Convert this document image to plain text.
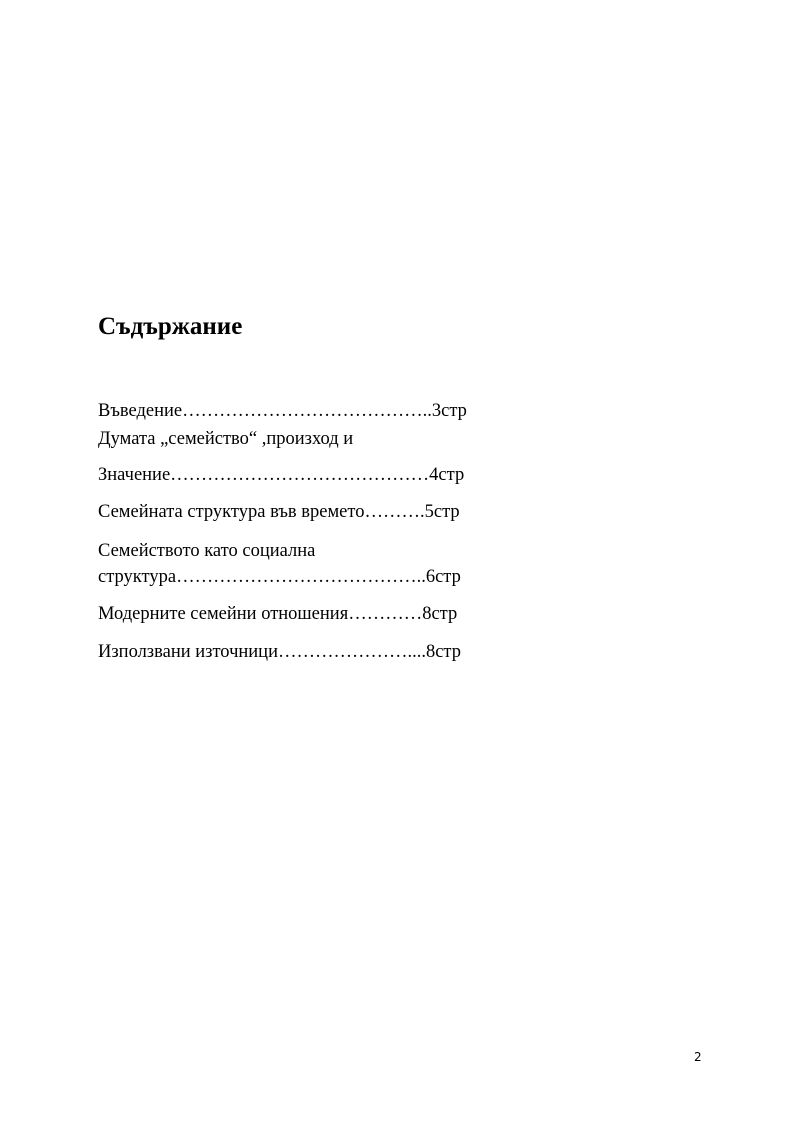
Съдържание

Въведение…………………………………..3стр

Думата „семейство“ ,произход и

Значение……………………………………4стр

Семейната структура във времето……….5стр

Семейството като социална

структура…………………………………..6стр

Модерните семейни отношения…………8стр

Използвани източници…………………....8стр

2
